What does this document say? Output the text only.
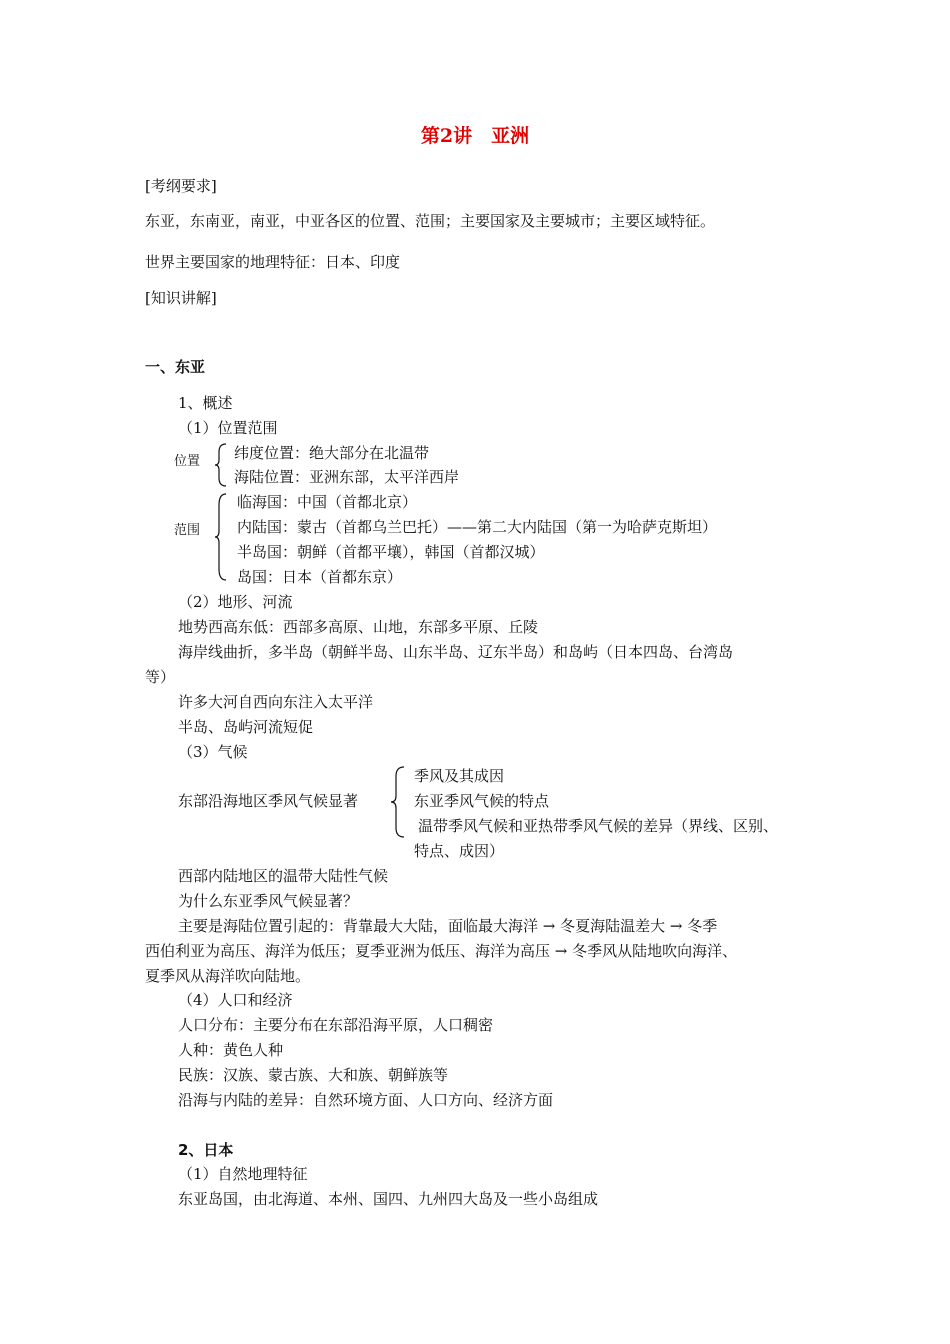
第2讲　亚洲
[考纲要求]
东亚，东南亚，南亚，中亚各区的位置、范围；主要国家及主要城市；主要区域特征。
世界主要国家的地理特征：日本、印度
[知识讲解]
一、东亚
1、概述
（1）位置范围
位置 纬度位置：绝大部分在北温带
海陆位置：亚洲东部，太平洋西岸
范围
临海国：中国（首都北京）
内陆国：蒙古（首都乌兰巴托）——第二大内陆国（第一为哈萨克斯坦）
半岛国：朝鲜（首都平壤），韩国（首都汉城）
岛国：日本（首都东京）
（2）地形、河流
地势西高东低：西部多高原、山地，东部多平原、丘陵
海岸线曲折，多半岛（朝鲜半岛、山东半岛、辽东半岛）和岛屿（日本四岛、台湾岛
等）
许多大河自西向东注入太平洋
半岛、岛屿河流短促
（3）气候
东部沿海地区季风气候显著
季风及其成因
东亚季风气候的特点
温带季风气候和亚热带季风气候的差异（界线、区别、
特点、成因）
西部内陆地区的温带大陆性气候
为什么东亚季风气候显著？
主要是海陆位置引起的：背靠最大大陆，面临最大海洋 → 冬夏海陆温差大 → 冬季
西伯利亚为高压、海洋为低压；夏季亚洲为低压、海洋为高压 → 冬季风从陆地吹向海洋、
夏季风从海洋吹向陆地。
（4）人口和经济
人口分布：主要分布在东部沿海平原，人口稠密
人种：黄色人种
民族：汉族、蒙古族、大和族、朝鲜族等
沿海与内陆的差异：自然环境方面、人口方向、经济方面
2、日本
（1）自然地理特征
东亚岛国，由北海道、本州、国四、九州四大岛及一些小岛组成
